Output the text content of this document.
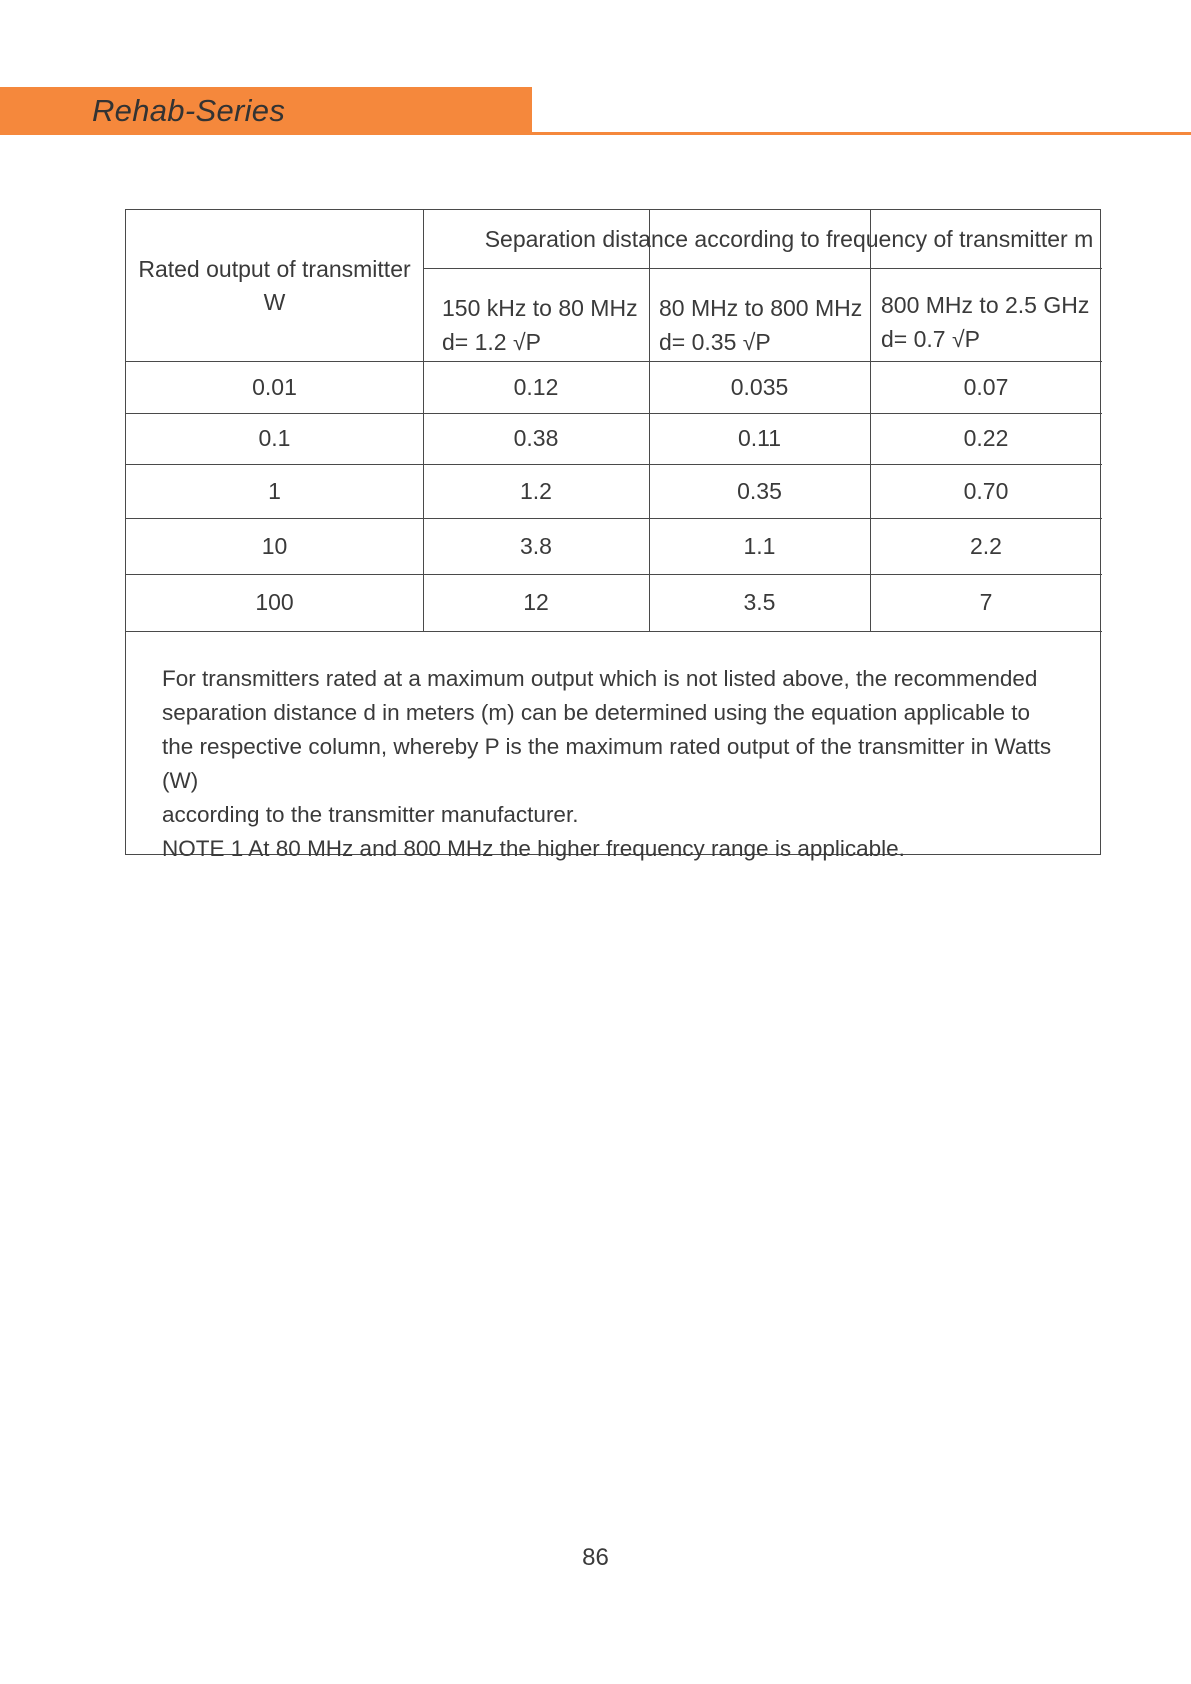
Rehab-Series
Rated output of transmitter
W
Separation distance according to frequency of transmitter m
150 kHz to 80 MHz
d= 1.2 √P
80 MHz to 800 MHz
d= 0.35 √P
800 MHz to 2.5 GHz
d= 0.7 √P
0.01	0.12	0.035	0.07
0.1	0.38	0.11	0.22
1	1.2	0.35	0.70
10	3.8	1.1	2.2
100	12	3.5	7

For transmitters rated at a maximum output which is not listed above, the recommended

separation distance d in meters (m) can be determined using the equation applicable to

the respective column, whereby P is the maximum rated output of the transmitter in Watts (W)

according to the transmitter manufacturer.

NOTE 1 At 80 MHz and 800 MHz the higher frequency range is applicable.

86
